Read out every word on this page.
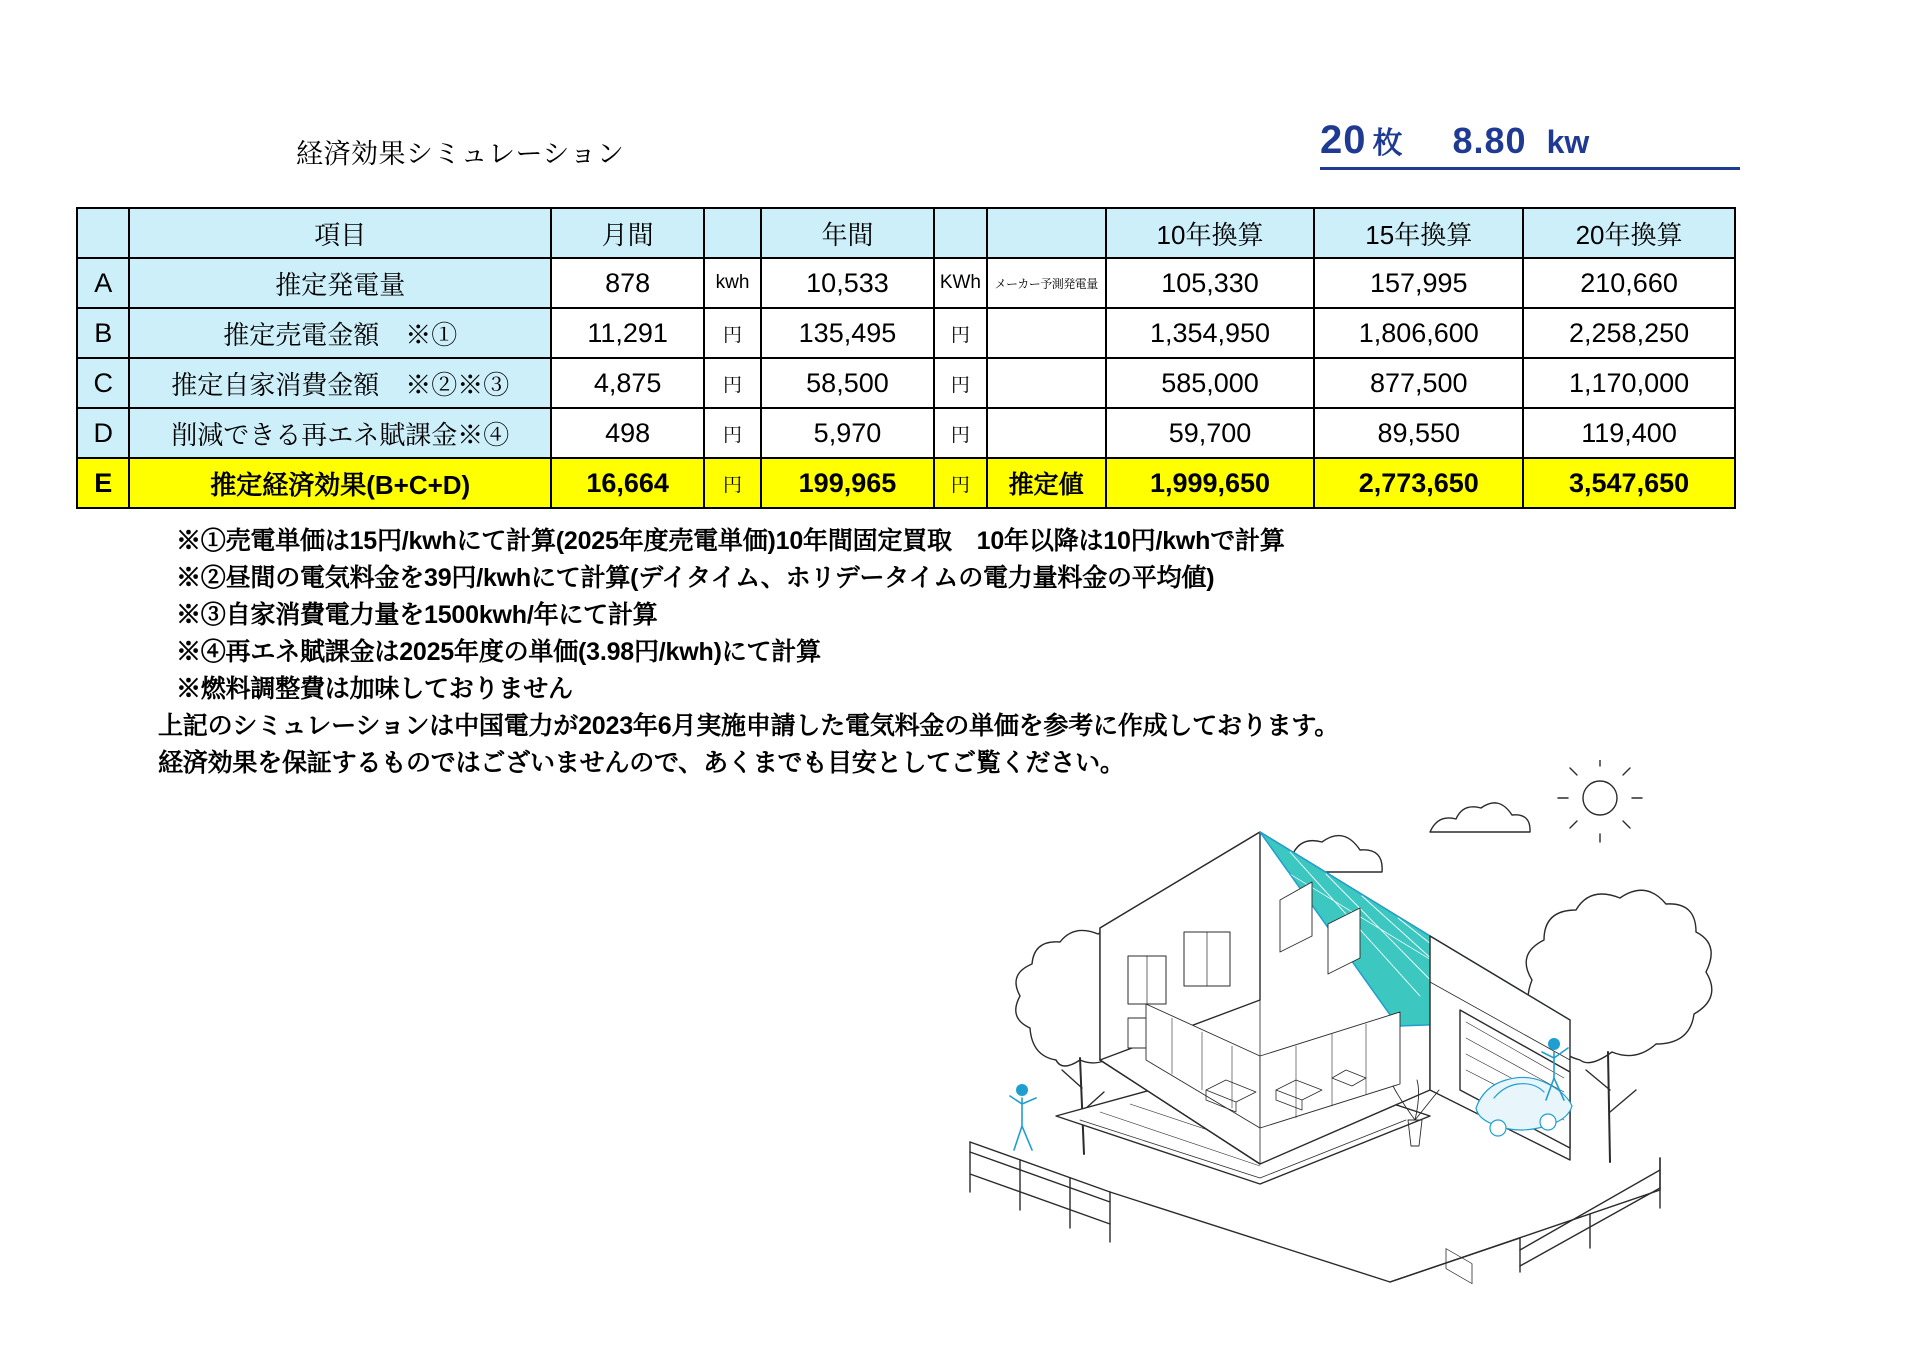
経済効果シミュレーション	20 枚 8.80 kw
	項目	月間		年間			10年換算	15年換算	20年換算
A	推定発電量	878	kwh	10,533	KWh	メーカー予測発電量	105,330	157,995	210,660
B	推定売電金額　※①	11,291	円	135,495	円		1,354,950	1,806,600	2,258,250
C	推定自家消費金額　※②※③	4,875	円	58,500	円		585,000	877,500	1,170,000
D	削減できる再エネ賦課金※④	498	円	5,970	円		59,700	89,550	119,400
E	推定経済効果(B+C+D)	16,664	円	199,965	円	推定値	1,999,650	2,773,650	3,547,650
※①売電単価は15円/kwhにて計算(2025年度売電単価)10年間固定買取　10年以降は10円/kwhで計算
※②昼間の電気料金を39円/kwhにて計算(デイタイム、ホリデータイムの電力量料金の平均値)
※③自家消費電力量を1500kwh/年にて計算
※④再エネ賦課金は2025年度の単価(3.98円/kwh)にて計算
※燃料調整費は加味しておりません
上記のシミュレーションは中国電力が2023年6月実施申請した電気料金の単価を参考に作成しております。
経済効果を保証するものではございませんので、あくまでも目安としてご覧ください。
